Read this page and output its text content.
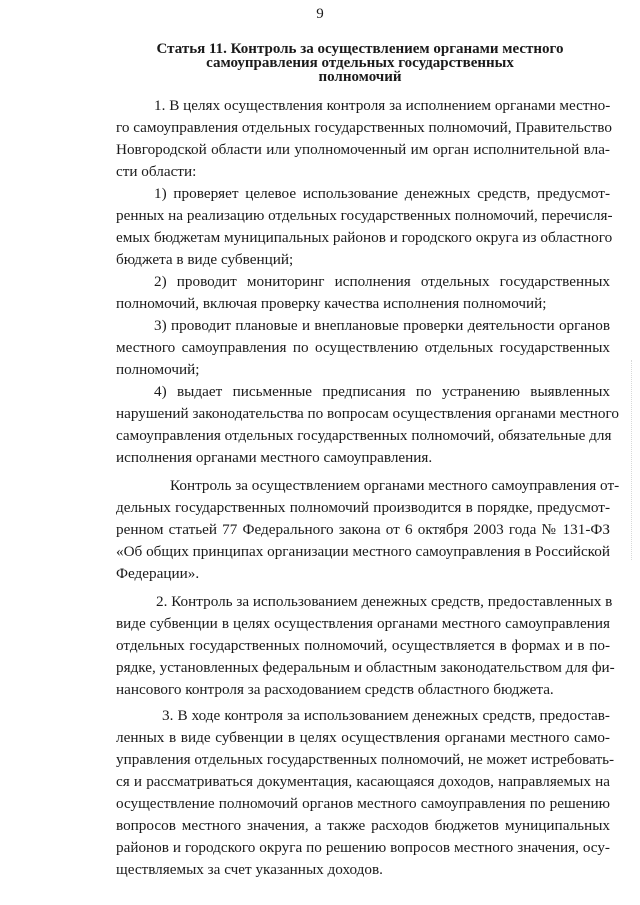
9
Статья 11. Контроль за осуществлением органами местного
самоуправления отдельных государственных
полномочий
1. В целях осуществления контроля за исполнением органами местно-
го самоуправления отдельных государственных полномочий, Правительство
Новгородской области или уполномоченный им орган исполнительной вла-
сти области:
1) проверяет целевое использование денежных средств, предусмот-
ренных на реализацию отдельных государственных полномочий, перечисля-
емых бюджетам муниципальных районов и городского округа из областного
бюджета в виде субвенций;
2) проводит мониторинг исполнения отдельных государственных
полномочий, включая проверку качества исполнения полномочий;
3) проводит плановые и внеплановые проверки деятельности органов
местного самоуправления по осуществлению отдельных государственных
полномочий;
4) выдает письменные предписания по устранению выявленных
нарушений законодательства по вопросам осуществления органами местного
самоуправления отдельных государственных полномочий, обязательные для
исполнения органами местного самоуправления.
Контроль за осуществлением органами местного самоуправления от-
дельных государственных полномочий производится в порядке, предусмот-
ренном статьей 77 Федерального закона от 6 октября 2003 года № 131-ФЗ
«Об общих принципах организации местного самоуправления в Российской
Федерации».
2. Контроль за использованием денежных средств, предоставленных в
виде субвенции в целях осуществления органами местного самоуправления
отдельных государственных полномочий, осуществляется в формах и в по-
рядке, установленных федеральным и областным законодательством для фи-
нансового контроля за расходованием средств областного бюджета.
3. В ходе контроля за использованием денежных средств, предостав-
ленных в виде субвенции в целях осуществления органами местного само-
управления отдельных государственных полномочий, не может истребовать-
ся и рассматриваться документация, касающаяся доходов, направляемых на
осуществление полномочий органов местного самоуправления по решению
вопросов местного значения, а также расходов бюджетов муниципальных
районов и городского округа по решению вопросов местного значения, осу-
ществляемых за счет указанных доходов.
